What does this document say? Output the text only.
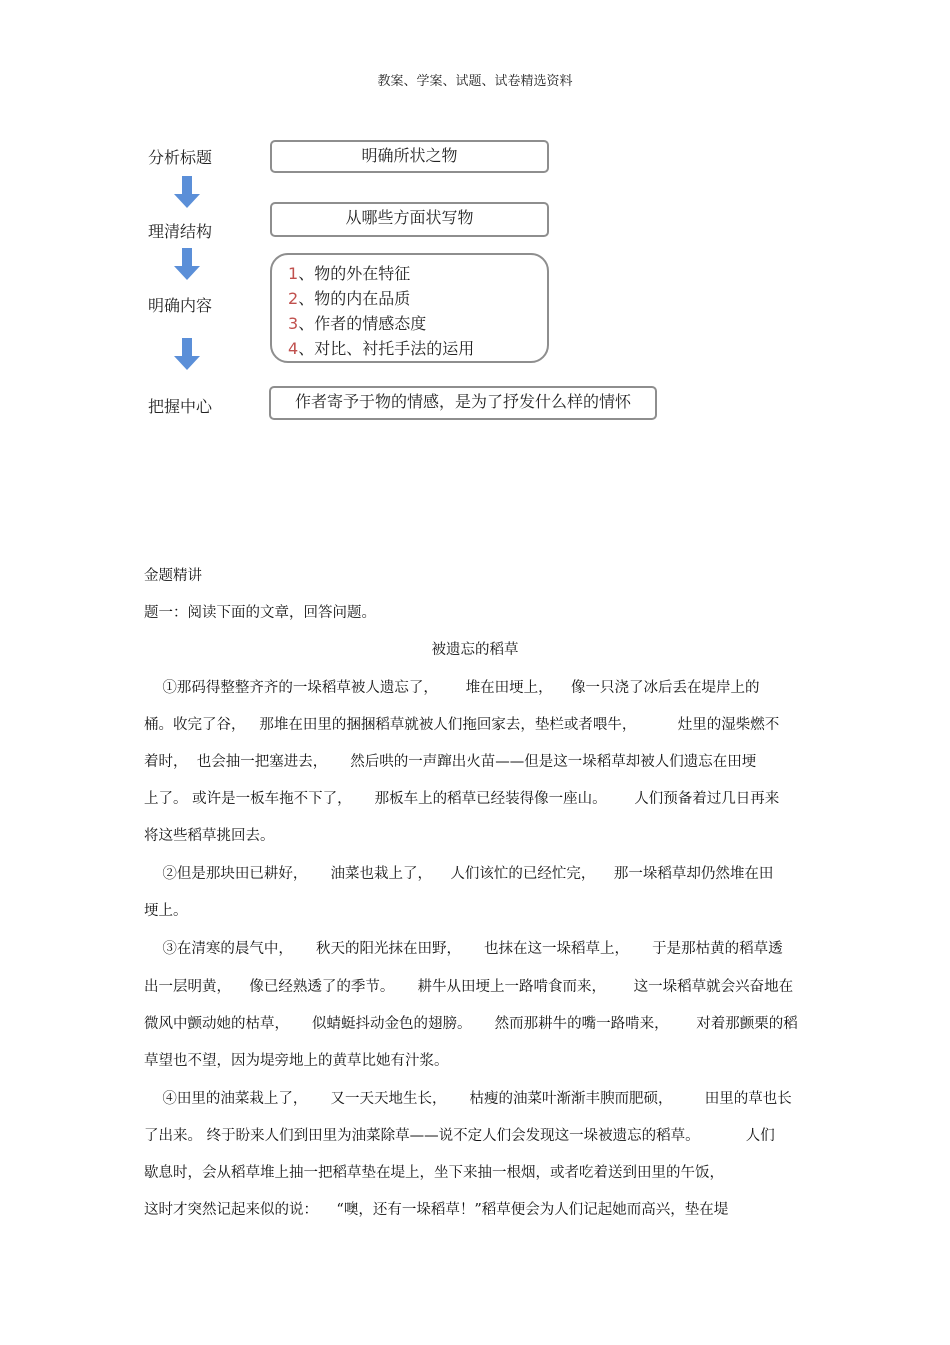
教案、学案、试题、试卷精选资料
分析标题	明确所状之物
理清结构
从哪些方面状写物
明确内容
1、物的外在特征
2、物的内在品质
3、作者的情感态度
4、对比、衬托手法的运用
把握中心	作者寄予于物的情感，是为了抒发什么样的情怀
金题精讲
题一：阅读下面的文章，回答问题。
被遗忘的稻草
①那码得整整齐齐的一垛稻草被人遗忘了，      堆在田埂上，    像一只浇了冰后丢在堤岸上的
桶。收完了谷，   那堆在田里的捆捆稻草就被人们拖回家去，垫栏或者喂牛，         灶里的湿柴燃不
着时，  也会抽一把塞进去，     然后哄的一声蹿出火苗——但是这一垛稻草却被人们遗忘在田埂
上了。 或许是一板车拖不下了，     那板车上的稻草已经装得像一座山。      人们预备着过几日再来
将这些稻草挑回去。
②但是那块田已耕好，     油菜也栽上了，    人们该忙的已经忙完，    那一垛稻草却仍然堆在田
埂上。
③在清寒的晨气中，     秋天的阳光抹在田野，     也抹在这一垛稻草上，     于是那枯黄的稻草透
出一层明黄，    像已经熟透了的季节。     耕牛从田埂上一路啃食而来，      这一垛稻草就会兴奋地在
微风中颤动她的枯草，     似蜻蜓抖动金色的翅膀。     然而那耕牛的嘴一路啃来，      对着那颤栗的稻
草望也不望，因为堤旁地上的黄草比她有汁浆。
④田里的油菜栽上了，     又一天天地生长，     枯瘦的油菜叶渐渐丰腴而肥硕，       田里的草也长
了出来。 终于盼来人们到田里为油菜除草——说不定人们会发现这一垛被遗忘的稻草。          人们
歇息时，会从稻草堆上抽一把稻草垫在堤上，坐下来抽一根烟，或者吃着送到田里的午饭，
这时才突然记起来似的说：    “噢，还有一垛稻草！”稻草便会为人们记起她而高兴，垫在堤
